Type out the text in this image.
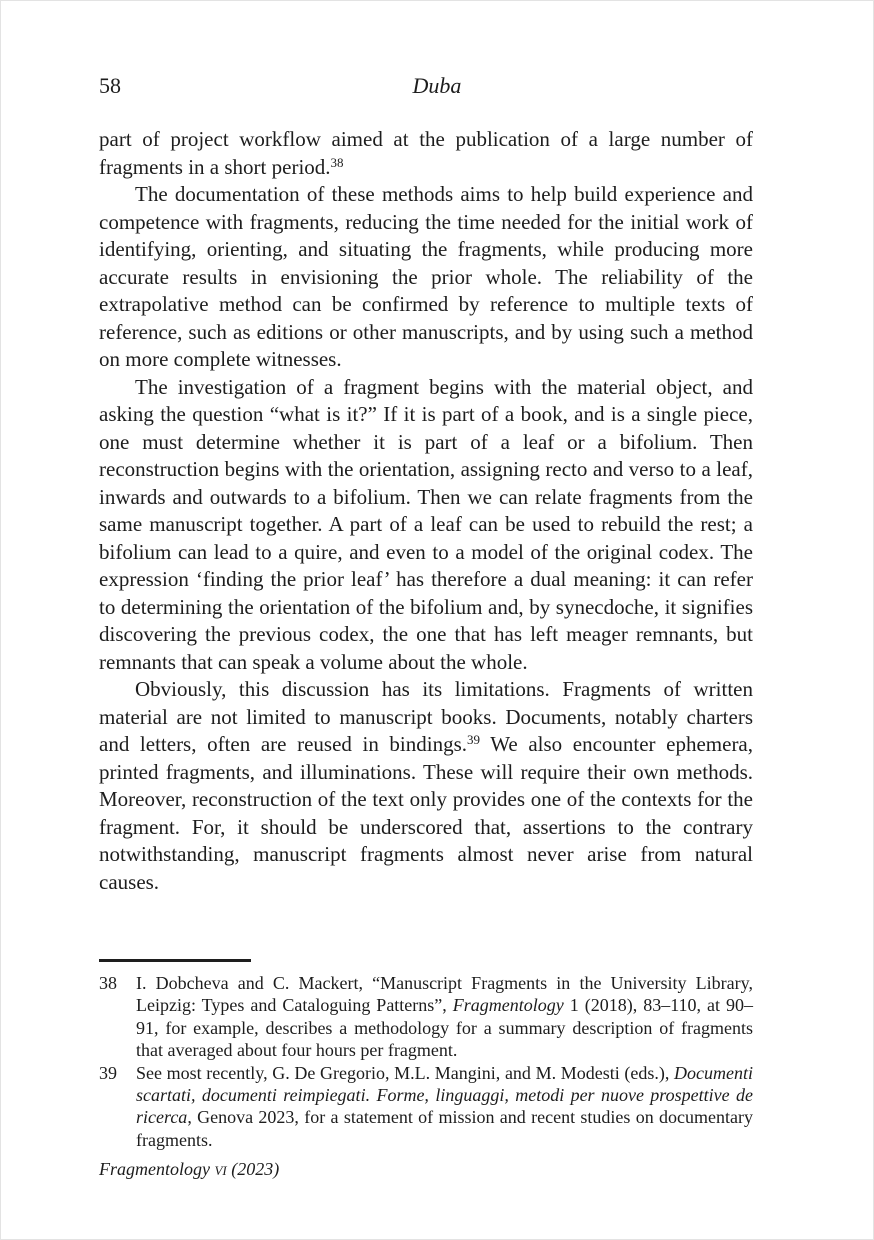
58	Duba

part of project workflow aimed at the publication of a large number of fragments in a short period.$^{38}$

The documentation of these methods aims to help build experience and competence with fragments, reducing the time needed for the initial work of identifying, orienting, and situating the fragments, while producing more accurate results in envisioning the prior whole. The reliability of the extrapolative method can be confirmed by reference to multiple texts of reference, such as editions or other manuscripts, and by using such a method on more complete witnesses.

The investigation of a fragment begins with the material object, and asking the question “what is it?” If it is part of a book, and is a single piece, one must determine whether it is part of a leaf or a bifolium. Then reconstruction begins with the orientation, assigning recto and verso to a leaf, inwards and outwards to a bifolium. Then we can relate fragments from the same manuscript together. A part of a leaf can be used to rebuild the rest; a bifolium can lead to a quire, and even to a model of the original codex. The expression ‘finding the prior leaf’ has therefore a dual meaning: it can refer to determining the orientation of the bifolium and, by synecdoche, it signifies discovering the previous codex, the one that has left meager remnants, but remnants that can speak a volume about the whole.

Obviously, this discussion has its limitations. Fragments of written material are not limited to manuscript books. Documents, notably charters and letters, often are reused in bindings.$^{39}$ We also encounter ephemera, printed fragments, and illuminations. These will require their own methods. Moreover, reconstruction of the text only provides one of the contexts for the fragment. For, it should be underscored that, assertions to the contrary notwithstanding, manuscript fragments almost never arise from natural causes.

38 I. Dobcheva and C. Mackert, “Manuscript Fragments in the University Library, Leipzig: Types and Cataloguing Patterns”, Fragmentology 1 (2018), 83–110, at 90–91, for example, describes a methodology for a summary description of fragments that averaged about four hours per fragment.
39 See most recently, G. De Gregorio, M.L. Mangini, and M. Modesti (eds.), Documenti scartati, documenti reimpiegati. Forme, linguaggi, metodi per nuove prospettive de ricerca, Genova 2023, for a statement of mission and recent studies on documentary fragments.
Fragmentology vi (2023)
